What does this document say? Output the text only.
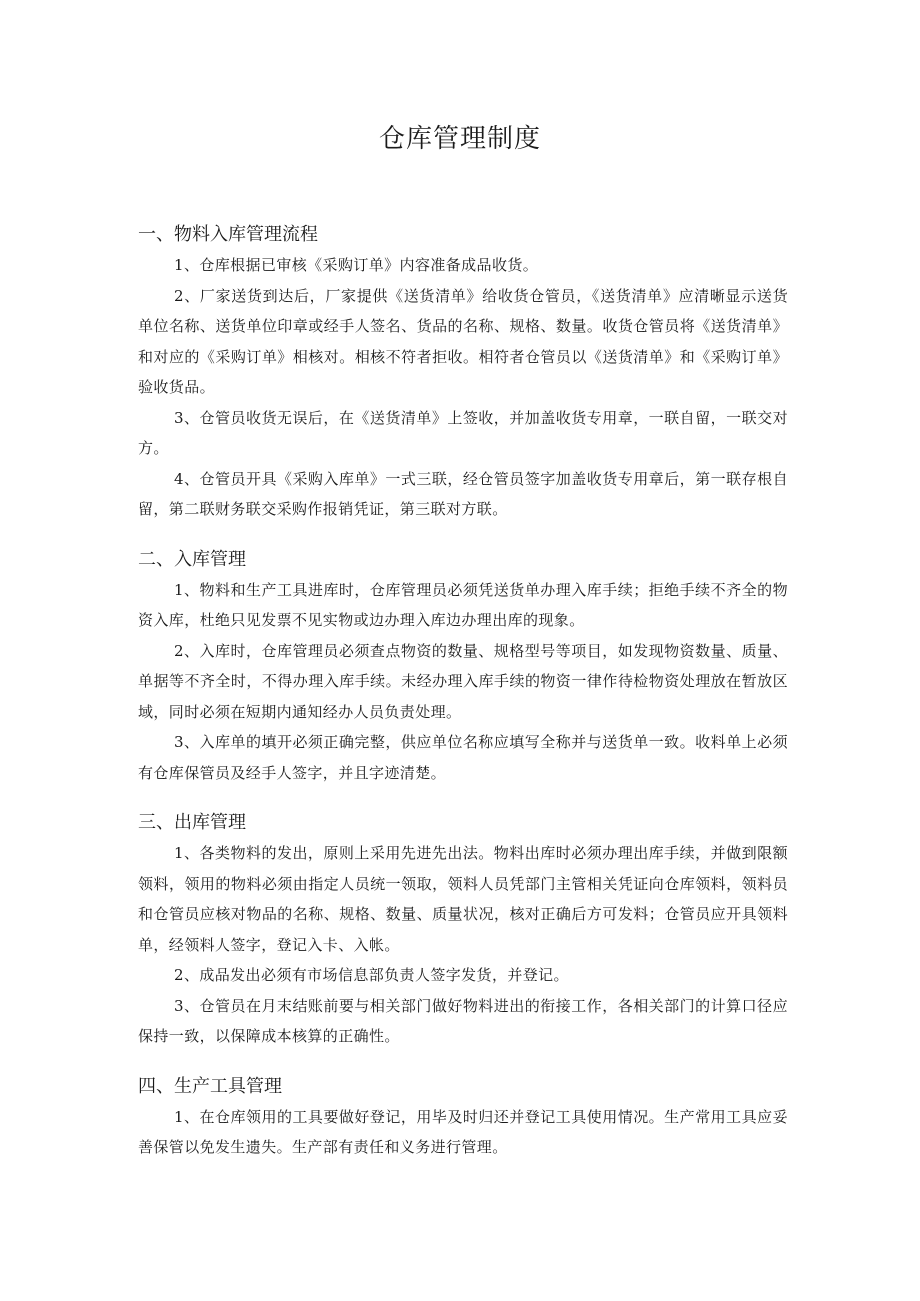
仓库管理制度

一、物料入库管理流程

1、仓库根据已审核《采购订单》内容准备成品收货。

2、厂家送货到达后，厂家提供《送货清单》给收货仓管员，《送货清单》应清晰显示送货单位名称、送货单位印章或经手人签名、货品的名称、规格、数量。收货仓管员将《送货清单》和对应的《采购订单》相核对。相核不符者拒收。相符者仓管员以《送货清单》和《采购订单》验收货品。

3、仓管员收货无误后，在《送货清单》上签收，并加盖收货专用章，一联自留，一联交对方。

4、仓管员开具《采购入库单》一式三联，经仓管员签字加盖收货专用章后，第一联存根自留，第二联财务联交采购作报销凭证，第三联对方联。

二、入库管理

1、物料和生产工具进库时，仓库管理员必须凭送货单办理入库手续；拒绝手续不齐全的物资入库，杜绝只见发票不见实物或边办理入库边办理出库的现象。

2、入库时，仓库管理员必须查点物资的数量、规格型号等项目，如发现物资数量、质量、单据等不齐全时，不得办理入库手续。未经办理入库手续的物资一律作待检物资处理放在暂放区域，同时必须在短期内通知经办人员负责处理。

3、入库单的填开必须正确完整，供应单位名称应填写全称并与送货单一致。收料单上必须有仓库保管员及经手人签字，并且字迹清楚。

三、出库管理

1、各类物料的发出，原则上采用先进先出法。物料出库时必须办理出库手续，并做到限额领料，领用的物料必须由指定人员统一领取，领料人员凭部门主管相关凭证向仓库领料，领料员和仓管员应核对物品的名称、规格、数量、质量状况，核对正确后方可发料；仓管员应开具领料单，经领料人签字，登记入卡、入帐。

2、成品发出必须有市场信息部负责人签字发货，并登记。

3、仓管员在月末结账前要与相关部门做好物料进出的衔接工作，各相关部门的计算口径应保持一致，以保障成本核算的正确性。

四、生产工具管理

1、在仓库领用的工具要做好登记，用毕及时归还并登记工具使用情况。生产常用工具应妥善保管以免发生遗失。生产部有责任和义务进行管理。
